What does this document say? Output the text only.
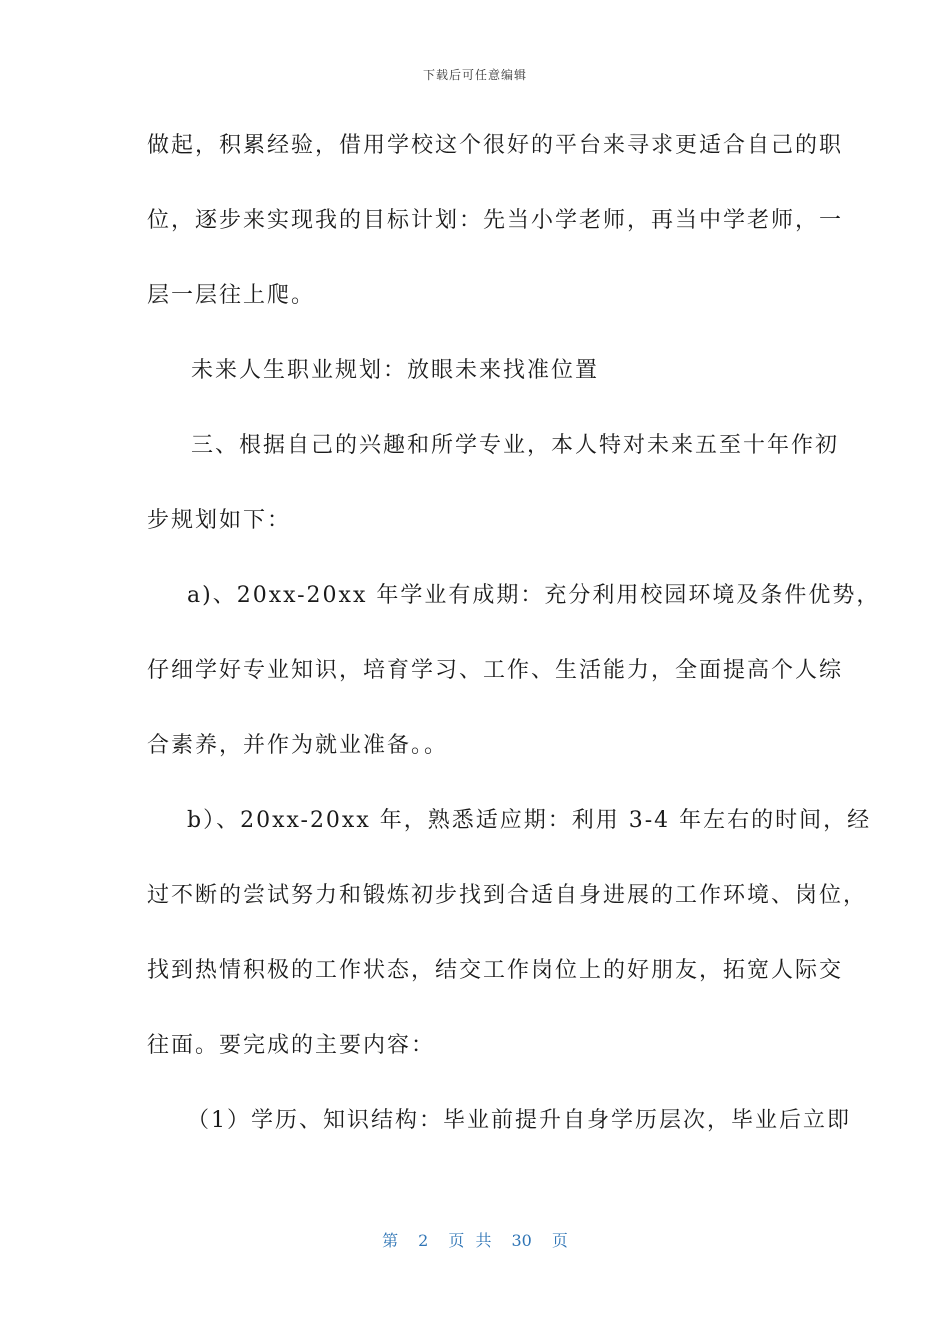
下载后可任意编辑
做起，积累经验，借用学校这个很好的平台来寻求更适合自己的职
位，逐步来实现我的目标计划：先当小学老师，再当中学老师，一
层一层往上爬。
未来人生职业规划：放眼未来找准位置
三、根据自己的兴趣和所学专业，本人特对未来五至十年作初
步规划如下：
a)、20xx-20xx 年学业有成期：充分利用校园环境及条件优势，
仔细学好专业知识，培育学习、工作、生活能力，全面提高个人综
合素养，并作为就业准备。。
b）、20xx-20xx 年，熟悉适应期：利用 3-4 年左右的时间，经
过不断的尝试努力和锻炼初步找到合适自身进展的工作环境、岗位，
找到热情积极的工作状态，结交工作岗位上的好朋友，拓宽人际交
往面。要完成的主要内容：
（1）学历、知识结构：毕业前提升自身学历层次，毕业后立即
第 2 页 共 30 页
